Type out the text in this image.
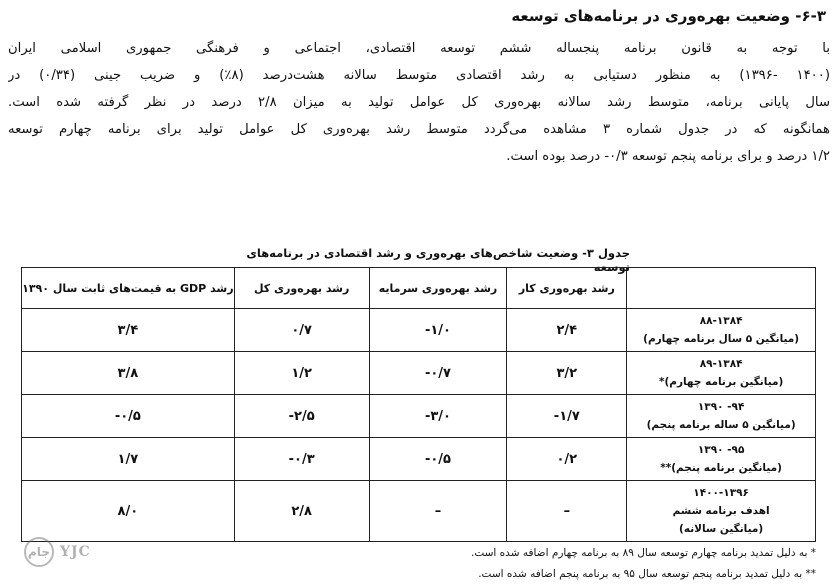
۶-۳- وضعیت بهره‌وری در برنامه‌های توسعه
با توجه به قانون برنامه پنجساله ششم توسعه اقتصادی، اجتماعی و فرهنگی جمهوری اسلامی ایران
(۱۴۰۰ -۱۳۹۶) به منظور دستیابی به رشد اقتصادی متوسط سالانه هشت‌درصد (۸٪) و ضریب جینی (۰/۳۴) در
سال پایانی برنامه، متوسط رشد سالانه بهره‌وری کل عوامل تولید به میزان ۲/۸ درصد در نظر گرفته شده است.
همانگونه که در جدول شماره ۳ مشاهده می‌گردد متوسط رشد بهره‌وری کل عوامل تولید برای برنامه چهارم توسعه
۱/۲ درصد و برای برنامه پنجم توسعه ۰/۳- درصد بوده است.
جدول ۳- وضعیت شاخص‌های بهره‌وری و رشد اقتصادی در برنامه‌های توسعه
	رشد بهره‌وری کار	رشد بهره‌وری سرمایه	رشد بهره‌وری کل	رشد GDP به قیمت‌های ثابت سال ۱۳۹۰

۸۸-۱۳۸۴
(میانگین ۵ سال برنامه چهارم)	۲/۴	۱/۰-	۰/۷	۳/۴

۸۹-۱۳۸۴
(میانگین برنامه چهارم)*	۳/۲	۰/۷-	۱/۲	۳/۸

۹۴- ۱۳۹۰
(میانگین ۵ ساله برنامه پنجم)	۱/۷-	۳/۰-	۲/۵-	۰/۵-

۹۵- ۱۳۹۰
(میانگین برنامه پنجم)**	۰/۲	۰/۵-	۰/۳-	۱/۷

۱۴۰۰-۱۳۹۶
اهدف برنامه ششم
(میانگین سالانه)	–	–	۲/۸	۸/۰
* به دلیل تمدید برنامه چهارم توسعه سال ۸۹ به برنامه چهارم اضافه شده است.
** به دلیل تمدید برنامه پنجم توسعه سال ۹۵ به برنامه پنجم اضافه شده است.
جام YJC
